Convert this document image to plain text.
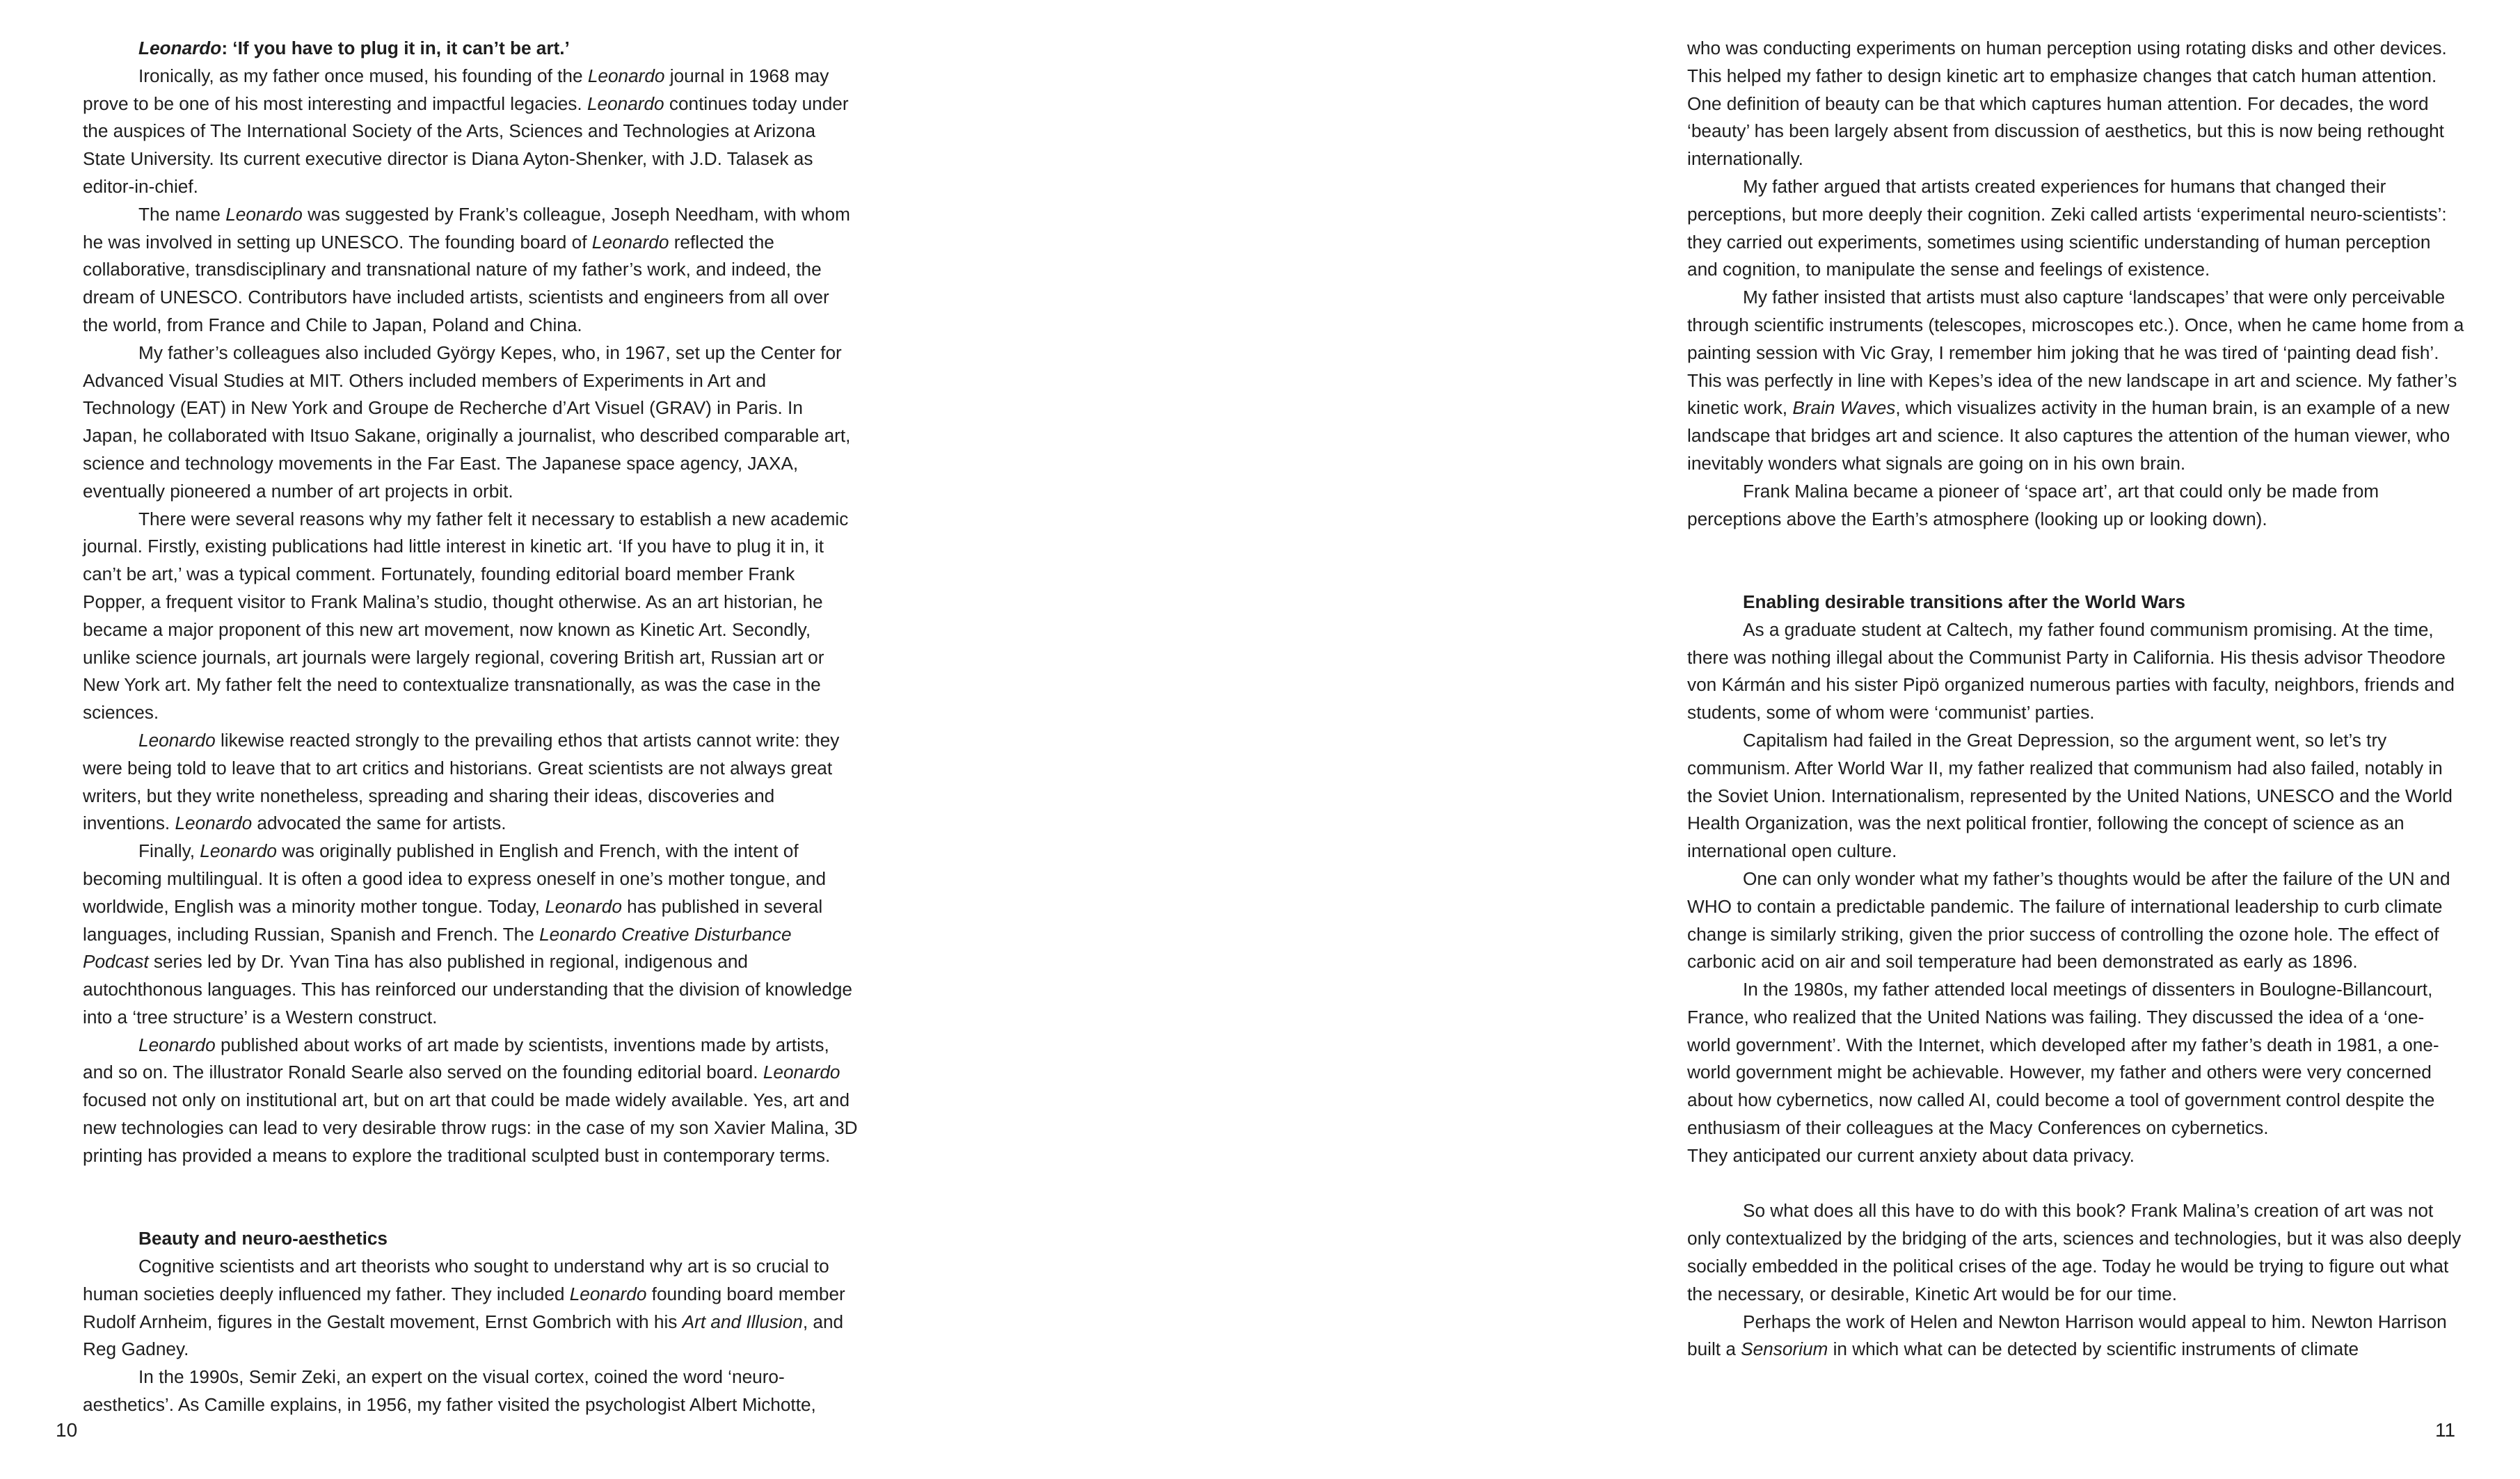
Leonardo: ‘If you have to plug it in, it can’t be art.’

Ironically, as my father once mused, his founding of the Leonardo journal in 1968 may prove to be one of his most interesting and impactful legacies. Leonardo continues today under the auspices of The International Society of the Arts, Sciences and Technologies at Arizona State University. Its current executive director is Diana Ayton-Shenker, with J.D. Talasek as editor-in-chief.

The name Leonardo was suggested by Frank’s colleague, Joseph Needham, with whom he was involved in setting up UNESCO. The founding board of Leonardo reflected the collaborative, transdisciplinary and transnational nature of my father’s work, and indeed, the dream of UNESCO. Contributors have included artists, scientists and engineers from all over the world, from France and Chile to Japan, Poland and China.

My father’s colleagues also included György Kepes, who, in 1967, set up the Center for Advanced Visual Studies at MIT. Others included members of Experiments in Art and Technology (EAT) in New York and Groupe de Recherche d’Art Visuel (GRAV) in Paris. In Japan, he collaborated with Itsuo Sakane, originally a journalist, who described comparable art, science and technology movements in the Far East. The Japanese space agency, JAXA, eventually pioneered a number of art projects in orbit.

There were several reasons why my father felt it necessary to establish a new academic journal. Firstly, existing publications had little interest in kinetic art. ‘If you have to plug it in, it can’t be art,’ was a typical comment. Fortunately, founding editorial board member Frank Popper, a frequent visitor to Frank Malina’s studio, thought otherwise. As an art historian, he became a major proponent of this new art movement, now known as Kinetic Art. Secondly, unlike science journals, art journals were largely regional, covering British art, Russian art or New York art. My father felt the need to contextualize transnationally, as was the case in the sciences.

Leonardo likewise reacted strongly to the prevailing ethos that artists cannot write: they were being told to leave that to art critics and historians. Great scientists are not always great writers, but they write nonetheless, spreading and sharing their ideas, discoveries and inventions. Leonardo advocated the same for artists.

Finally, Leonardo was originally published in English and French, with the intent of becoming multilingual. It is often a good idea to express oneself in one’s mother tongue, and worldwide, English was a minority mother tongue. Today, Leonardo has published in several languages, including Russian, Spanish and French. The Leonardo Creative Disturbance Podcast series led by Dr. Yvan Tina has also published in regional, indigenous and autochthonous languages. This has reinforced our understanding that the division of knowledge into a ‘tree structure’ is a Western construct.

Leonardo published about works of art made by scientists, inventions made by artists, and so on. The illustrator Ronald Searle also served on the founding editorial board. Leonardo focused not only on institutional art, but on art that could be made widely available. Yes, art and new technologies can lead to very desirable throw rugs: in the case of my son Xavier Malina, 3D printing has provided a means to explore the traditional sculpted bust in contemporary terms.

Beauty and neuro-aesthetics

Cognitive scientists and art theorists who sought to understand why art is so crucial to human societies deeply influenced my father. They included Leonardo founding board member Rudolf Arnheim, figures in the Gestalt movement, Ernst Gombrich with his Art and Illusion, and Reg Gadney.

In the 1990s, Semir Zeki, an expert on the visual cortex, coined the word ‘neuro-aesthetics’. As Camille explains, in 1956, my father visited the psychologist Albert Michotte,

who was conducting experiments on human perception using rotating disks and other devices. This helped my father to design kinetic art to emphasize changes that catch human attention. One definition of beauty can be that which captures human attention. For decades, the word ‘beauty’ has been largely absent from discussion of aesthetics, but this is now being rethought internationally.

My father argued that artists created experiences for humans that changed their perceptions, but more deeply their cognition. Zeki called artists ‘experimental neuro-scientists’: they carried out experiments, sometimes using scientific understanding of human perception and cognition, to manipulate the sense and feelings of existence.

My father insisted that artists must also capture ‘landscapes’ that were only perceivable through scientific instruments (telescopes, microscopes etc.). Once, when he came home from a painting session with Vic Gray, I remember him joking that he was tired of ‘painting dead fish’. This was perfectly in line with Kepes’s idea of the new landscape in art and science. My father’s kinetic work, Brain Waves, which visualizes activity in the human brain, is an example of a new landscape that bridges art and science. It also captures the attention of the human viewer, who inevitably wonders what signals are going on in his own brain.

Frank Malina became a pioneer of ‘space art’, art that could only be made from perceptions above the Earth’s atmosphere (looking up or looking down).

Enabling desirable transitions after the World Wars

As a graduate student at Caltech, my father found communism promising. At the time, there was nothing illegal about the Communist Party in California. His thesis advisor Theodore von Kármán and his sister Pipö organized numerous parties with faculty, neighbors, friends and students, some of whom were ‘communist’ parties.

Capitalism had failed in the Great Depression, so the argument went, so let’s try communism. After World War II, my father realized that communism had also failed, notably in the Soviet Union. Internationalism, represented by the United Nations, UNESCO and the World Health Organization, was the next political frontier, following the concept of science as an international open culture.

One can only wonder what my father’s thoughts would be after the failure of the UN and WHO to contain a predictable pandemic. The failure of international leadership to curb climate change is similarly striking, given the prior success of controlling the ozone hole. The effect of carbonic acid on air and soil temperature had been demonstrated as early as 1896.

In the 1980s, my father attended local meetings of dissenters in Boulogne-Billancourt, France, who realized that the United Nations was failing. They discussed the idea of a ‘one-world government’. With the Internet, which developed after my father’s death in 1981, a one-world government might be achievable. However, my father and others were very concerned about how cybernetics, now called AI, could become a tool of government control despite the enthusiasm of their colleagues at the Macy Conferences on cybernetics.

They anticipated our current anxiety about data privacy.

So what does all this have to do with this book? Frank Malina’s creation of art was not only contextualized by the bridging of the arts, sciences and technologies, but it was also deeply socially embedded in the political crises of the age. Today he would be trying to figure out what the necessary, or desirable, Kinetic Art would be for our time.

Perhaps the work of Helen and Newton Harrison would appeal to him. Newton Harrison built a Sensorium in which what can be detected by scientific instruments of climate

10	11
